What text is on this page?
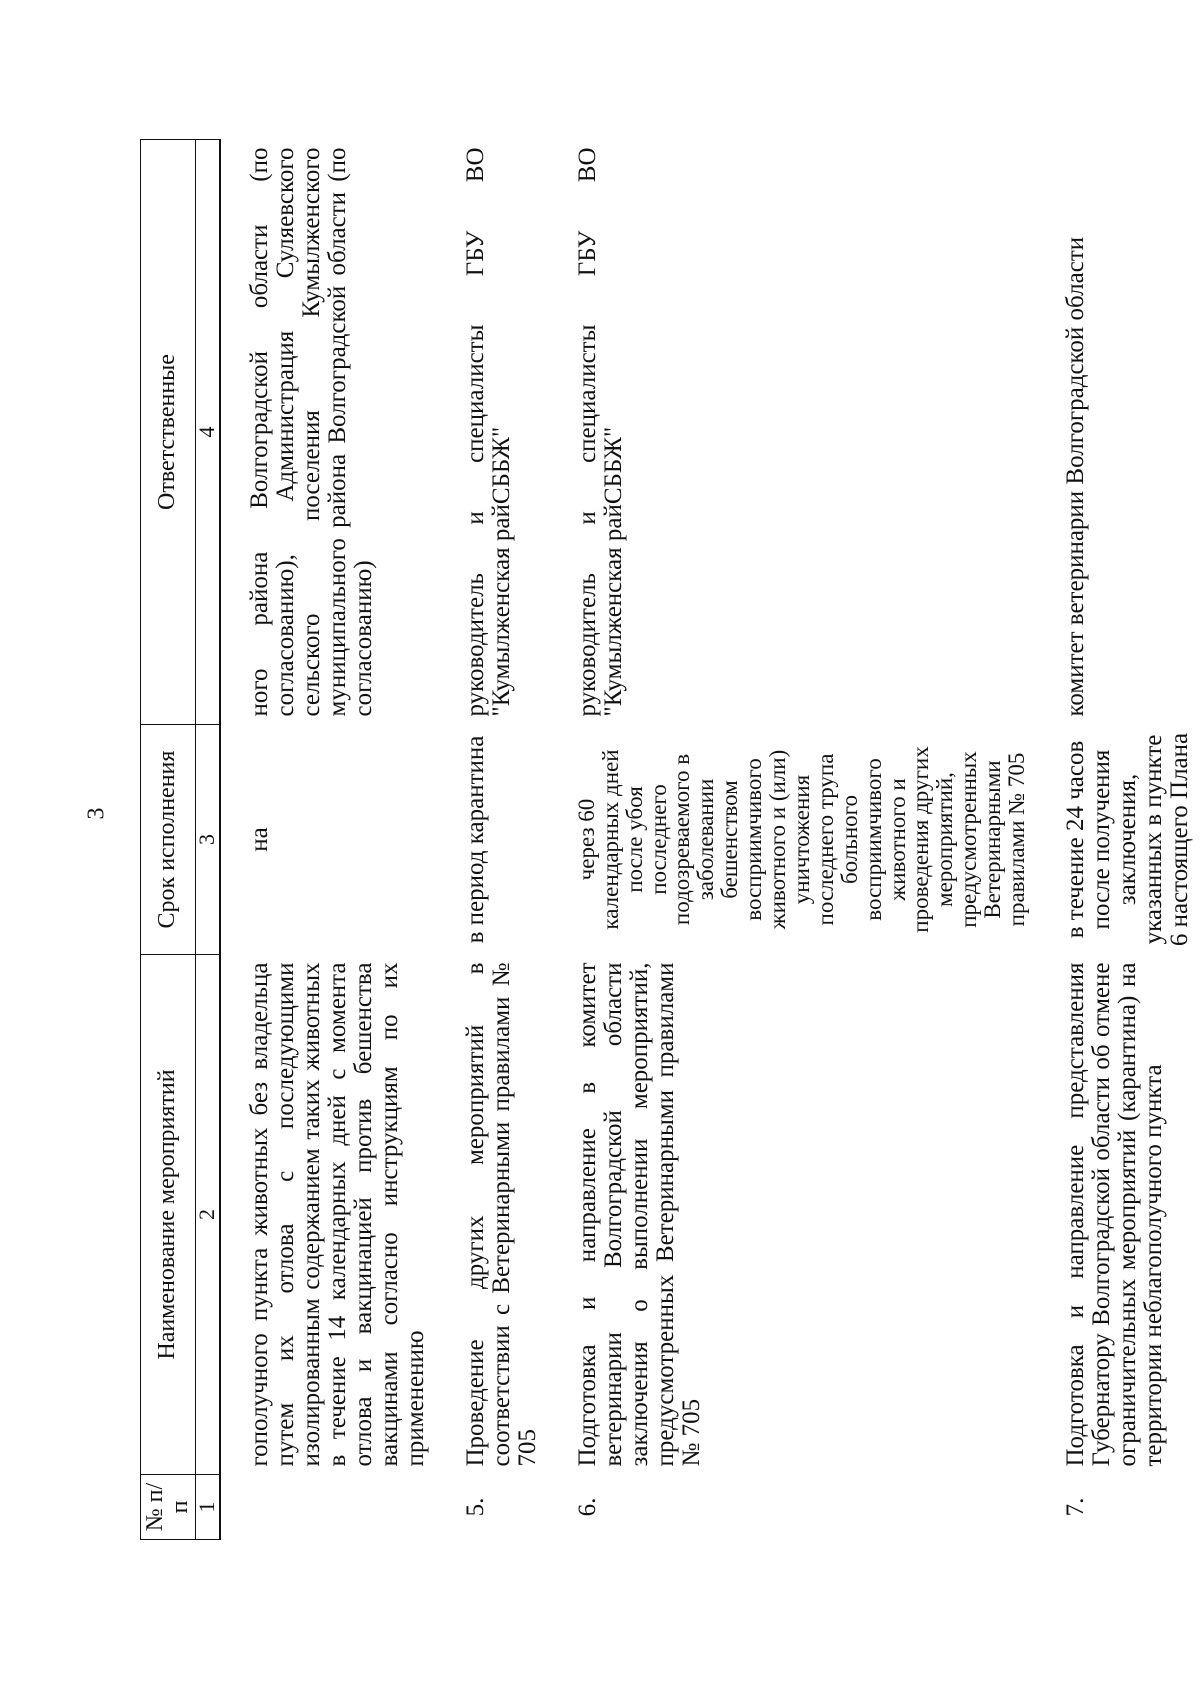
3
№ п/п	Наименование мероприятий	Срок исполнения	Ответственные
1	2	3	4
	гополучного пункта животных без владельца путем их отлова с последующими изолированным содержанием таких животных в течение 14 календарных дней с момента отлова и вакцинацией против бешенства вакцинами согласно инструкциям по их применению	на	ного района Волгоградской области (по согласованию), Администрация Суляевского сельского поселения Кумылженского муниципального района Волгоградской области (по согласованию)
5.	Проведение других мероприятий в соответствии с Ветеринарными правилами № 705	в период карантина	руководитель и специалисты ГБУ ВО "Кумылженская райСББЖ"
6.	Подготовка и направление в комитет ветеринарии Волгоградской области заключения о выполнении мероприятий, предусмотренных Ветеринарными правилами № 705	через 60 календарных дней после убоя последнего подозреваемого в заболевании бешенством восприимчивого животного и (или) уничтожения последнего трупа больного восприимчивого животного и проведения других мероприятий, предусмотренных Ветеринарными правилами № 705	руководитель и специалисты ГБУ ВО "Кумылженская райСББЖ"
7.	Подготовка и направление представления Губернатору Волгоградской области об отмене ограничительных мероприятий (карантина) на территории неблагополучного пункта	в течение 24 часов после получения заключения, указанных в пункте 6 настоящего Плана	комитет ветеринарии Волгоградской области
